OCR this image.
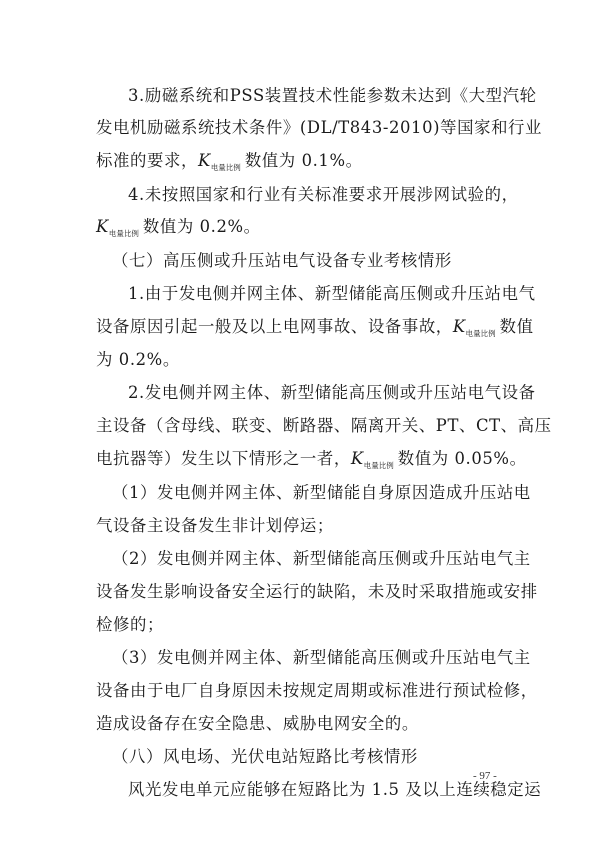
3.励磁系统和PSS装置技术性能参数未达到《大型汽轮
发电机励磁系统技术条件》(DL/T843-2010)等国家和行业
标准的要求，$K_{电量比例}$ 数值为 0.1%。
4.未按照国家和行业有关标准要求开展涉网试验的，
$K_{电量比例}$ 数值为 0.2%。
（七）高压侧或升压站电气设备专业考核情形
1.由于发电侧并网主体、新型储能高压侧或升压站电气
设备原因引起一般及以上电网事故、设备事故，$K_{电量比例}$ 数值
为 0.2%。
2.发电侧并网主体、新型储能高压侧或升压站电气设备
主设备（含母线、联变、断路器、隔离开关、PT、CT、高压
电抗器等）发生以下情形之一者，$K_{电量比例}$ 数值为 0.05%。
（1）发电侧并网主体、新型储能自身原因造成升压站电
气设备主设备发生非计划停运；
（2）发电侧并网主体、新型储能高压侧或升压站电气主
设备发生影响设备安全运行的缺陷，未及时采取措施或安排
检修的；
（3）发电侧并网主体、新型储能高压侧或升压站电气主
设备由于电厂自身原因未按规定周期或标准进行预试检修，
造成设备存在安全隐患、威胁电网安全的。
（八）风电场、光伏电站短路比考核情形
风光发电单元应能够在短路比为 1.5 及以上连续稳定运
- 97 -
